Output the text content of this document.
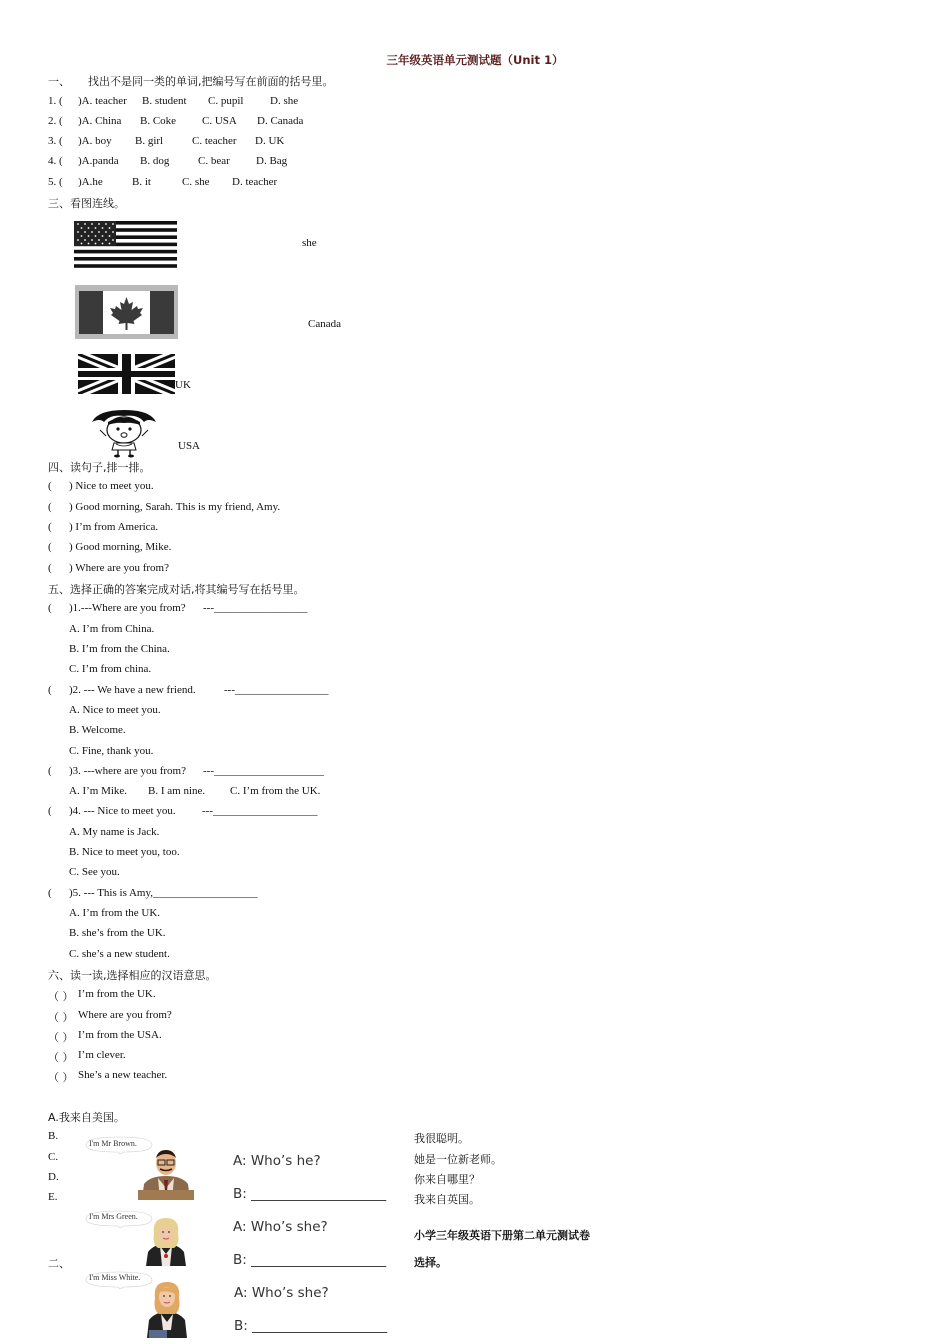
三年级英语单元测试题（Unit 1）
一、 找出不是同一类的单词,把编号写在前面的括号里。
1. ( )A. teacher B. student C. pupil D. she
2. ( )A. China B. Coke C. USA D. Canada
3. ( )A. boy B. girl	C. teacher D. UK
4. ( )A.panda B. dog	C. bear D. Bag
5. ( )A.he	B. it	C. she D. teacher
三、看图连线。
she
Canada
UK
USA
四、读句子,排一排。
( ) Nice to meet you.
( ) Good morning, Sarah. This is my friend, Amy.
( ) I’m from America.
( ) Good morning, Mike.
( ) Where are you from?
五、选择正确的答案完成对话,将其编号写在括号里。
( )1.---Where are you from? ---_________________
A. I’m from China.
B. I’m from the China.
C. I’m from china.
( )2. --- We have a new friend.	---_________________
A. Nice to meet you.
B. Welcome.
C. Fine, thank you.
( )3. ---where are you from? ---____________________
A. I’m Mike. B. I am nine. C. I’m from the UK.
( )4. --- Nice to meet you. ---___________________
A. My name is Jack.
B. Nice to meet you, too.
C. See you.
( )5. --- This is Amy,___________________
A. I’m from the UK.
B. she’s from the UK.
C. she’s a new student.
六、读一读,选择相应的汉语意思。
（ ） I’m from the UK.
（ ） Where are you from?
（ ） I’m from the USA.
（ ） I’m clever.
（ ） She’s a new teacher.
A.我来自美国。
B.
C.
D.
E.
我很聪明。
她是一位新老师。
你来自哪里？
我来自英国。
二、
I'm Mr Brown.
A: Who’s he?
B: ____________________
I'm Mrs Green.
A: Who’s she?
B: ____________________
I'm Miss White.
A: Who’s she?
B: ____________________
小学三年级英语下册第二单元测试卷
选择。
